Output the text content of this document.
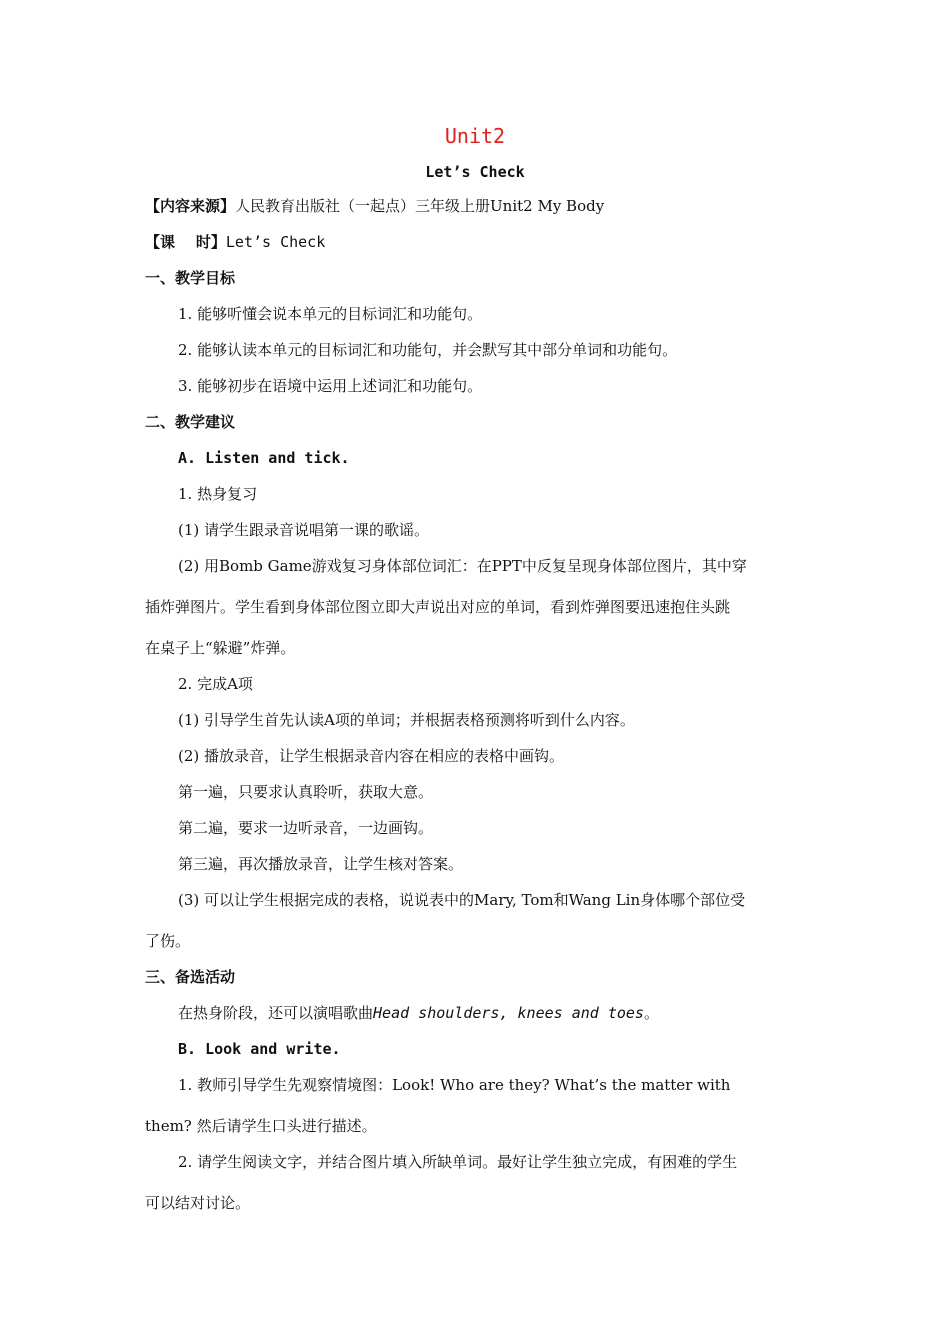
Unit2
Let’s Check
【内容来源】人民教育出版社（一起点）三年级上册Unit2 My Body
【课    时】Let’s Check
一、教学目标
1. 能够听懂会说本单元的目标词汇和功能句。
2. 能够认读本单元的目标词汇和功能句，并会默写其中部分单词和功能句。
3. 能够初步在语境中运用上述词汇和功能句。
二、教学建议
A. Listen and tick.
1. 热身复习
(1) 请学生跟录音说唱第一课的歌谣。
(2) 用Bomb Game游戏复习身体部位词汇：在PPT中反复呈现身体部位图片，其中穿
插炸弹图片。学生看到身体部位图立即大声说出对应的单词，看到炸弹图要迅速抱住头跳
在桌子上“躲避”炸弹。
2. 完成A项
(1) 引导学生首先认读A项的单词；并根据表格预测将听到什么内容。
(2) 播放录音，让学生根据录音内容在相应的表格中画钩。
第一遍，只要求认真聆听，获取大意。
第二遍，要求一边听录音，一边画钩。
第三遍，再次播放录音，让学生核对答案。
(3) 可以让学生根据完成的表格，说说表中的Mary, Tom和Wang Lin身体哪个部位受
了伤。
三、备选活动
在热身阶段，还可以演唱歌曲Head shoulders, knees and toes。
B. Look and write.
1. 教师引导学生先观察情境图：Look! Who are they? What’s the matter with
them? 然后请学生口头进行描述。
2. 请学生阅读文字，并结合图片填入所缺单词。最好让学生独立完成，有困难的学生
可以结对讨论。
